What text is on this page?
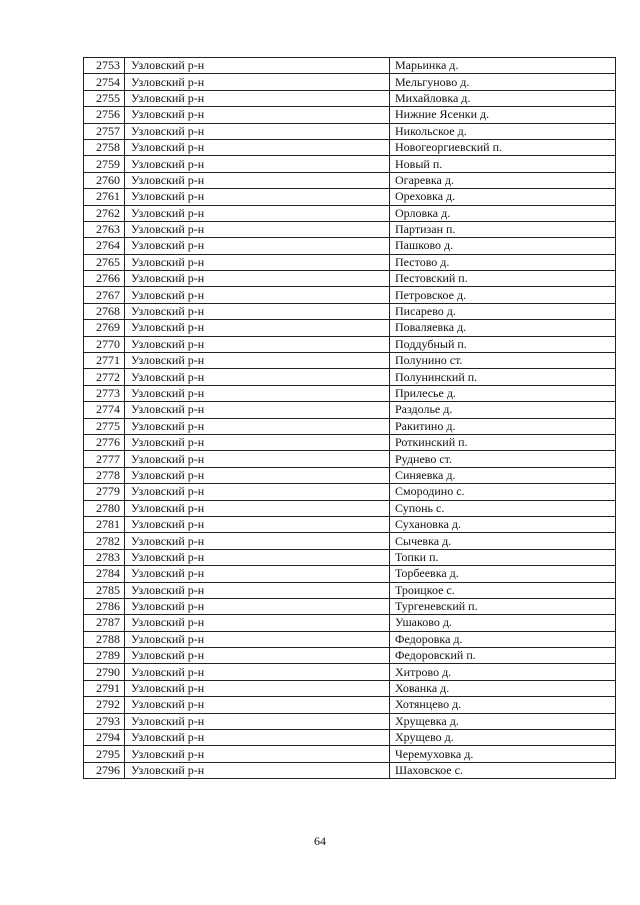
2753	Узловский р-н	Марьинка д.
2754	Узловский р-н	Мельгуново д.
2755	Узловский р-н	Михайловка д.
2756	Узловский р-н	Нижние Ясенки д.
2757	Узловский р-н	Никольское д.
2758	Узловский р-н	Новогеоргиевский п.
2759	Узловский р-н	Новый п.
2760	Узловский р-н	Огаревка д.
2761	Узловский р-н	Ореховка д.
2762	Узловский р-н	Орловка д.
2763	Узловский р-н	Партизан п.
2764	Узловский р-н	Пашково д.
2765	Узловский р-н	Пестово д.
2766	Узловский р-н	Пестовский п.
2767	Узловский р-н	Петровское д.
2768	Узловский р-н	Писарево д.
2769	Узловский р-н	Поваляевка д.
2770	Узловский р-н	Поддубный п.
2771	Узловский р-н	Полунино ст.
2772	Узловский р-н	Полунинский п.
2773	Узловский р-н	Прилесье д.
2774	Узловский р-н	Раздолье д.
2775	Узловский р-н	Ракитино д.
2776	Узловский р-н	Роткинский п.
2777	Узловский р-н	Руднево ст.
2778	Узловский р-н	Синяевка д.
2779	Узловский р-н	Смородино с.
2780	Узловский р-н	Супонь с.
2781	Узловский р-н	Сухановка д.
2782	Узловский р-н	Сычевка д.
2783	Узловский р-н	Топки п.
2784	Узловский р-н	Торбеевка д.
2785	Узловский р-н	Троицкое с.
2786	Узловский р-н	Тургеневский п.
2787	Узловский р-н	Ушаково д.
2788	Узловский р-н	Федоровка д.
2789	Узловский р-н	Федоровский п.
2790	Узловский р-н	Хитрово д.
2791	Узловский р-н	Хованка д.
2792	Узловский р-н	Хотянцево д.
2793	Узловский р-н	Хрущевка д.
2794	Узловский р-н	Хрущево д.
2795	Узловский р-н	Черемуховка д.
2796	Узловский р-н	Шаховское с.
64
